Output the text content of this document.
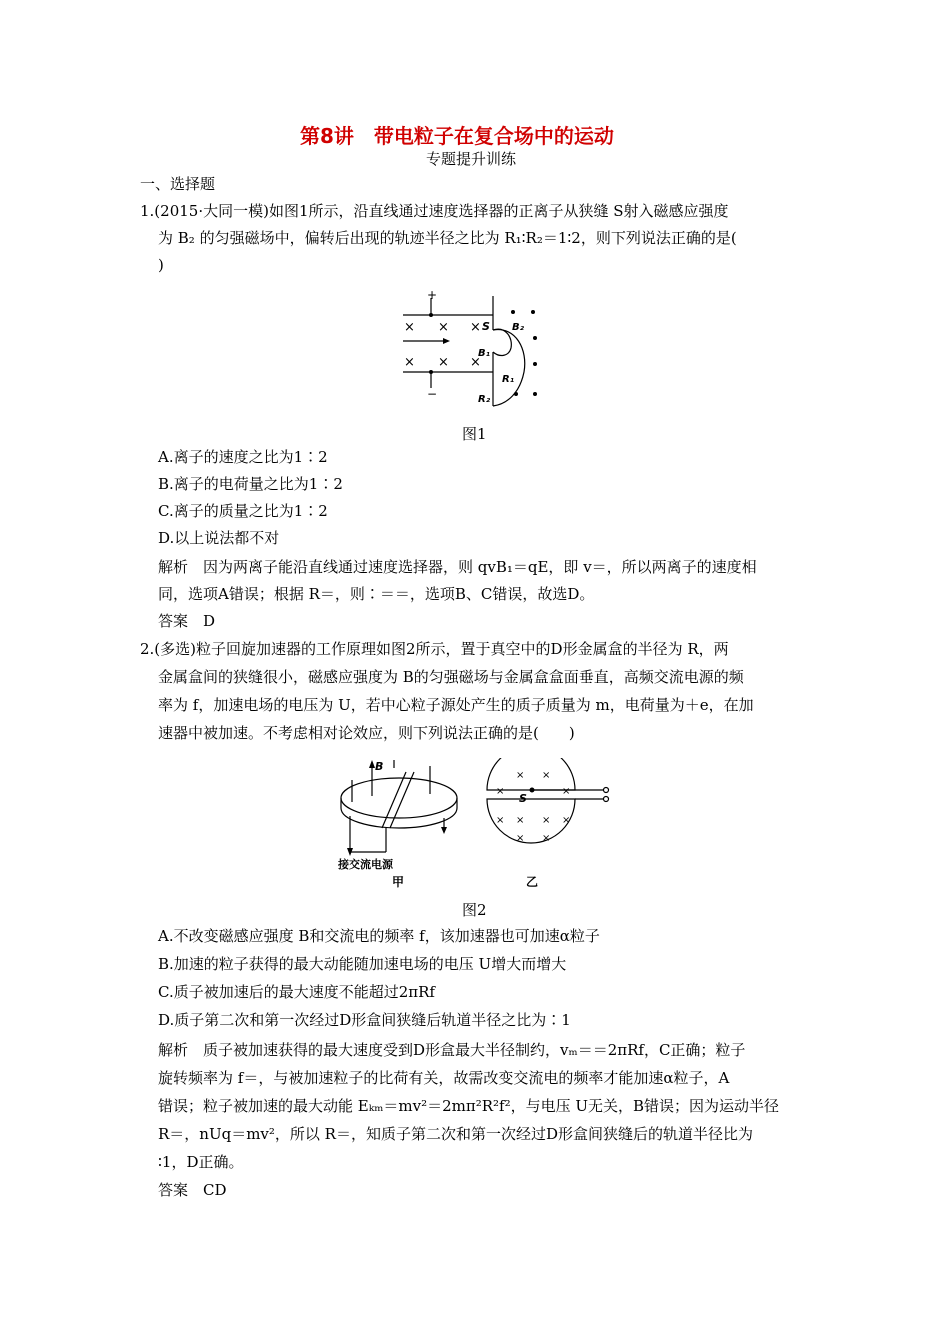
第8讲　带电粒子在复合场中的运动
专题提升训练
一、选择题
1.(2015·大同一模)如图1所示，沿直线通过速度选择器的正离子从狭缝 S射入磁感应强度
为 B₂ 的匀强磁场中，偏转后出现的轨迹半径之比为 R₁∶R₂＝1∶2，则下列说法正确的是(
)
+
−
× × ×
× × ×
S B₂
B₁
R₁
R₂
图1
A.离子的速度之比为1∶2
B.离子的电荷量之比为1∶2
C.离子的质量之比为1∶2
D.以上说法都不对
解析　因为两离子能沿直线通过速度选择器，则 qvB₁＝qE，即 v＝，所以两离子的速度相
同，选项A错误；根据 R＝，则∶＝＝，选项B、C错误，故选D。
答案　D
2.(多选)粒子回旋加速器的工作原理如图2所示，置于真空中的D形金属盒的半径为 R，两
金属盒间的狭缝很小，磁感应强度为 B的匀强磁场与金属盒盒面垂直，高频交流电源的频
率为 f，加速电场的电压为 U，若中心粒子源处产生的质子质量为 m，电荷量为＋e，在加
速器中被加速。不考虑相对论效应，则下列说法正确的是(　　)
B
接交流电源
甲	乙
S
× ×
×	×
× × × ×
× ×
图2
A.不改变磁感应强度 B和交流电的频率 f，该加速器也可加速α粒子
B.加速的粒子获得的最大动能随加速电场的电压 U增大而增大
C.质子被加速后的最大速度不能超过2πRf
D.质子第二次和第一次经过D形盒间狭缝后轨道半径之比为∶1
解析　质子被加速获得的最大速度受到D形盒最大半径制约，vₘ＝＝2πRf，C正确；粒子
旋转频率为 f＝，与被加速粒子的比荷有关，故需改变交流电的频率才能加速α粒子，A
错误；粒子被加速的最大动能 Eₖₘ＝mv²＝2mπ²R²f²，与电压 U无关，B错误；因为运动半径
R＝，nUq＝mv²，所以 R＝，知质子第二次和第一次经过D形盒间狭缝后的轨道半径比为
∶1，D正确。
答案　CD
